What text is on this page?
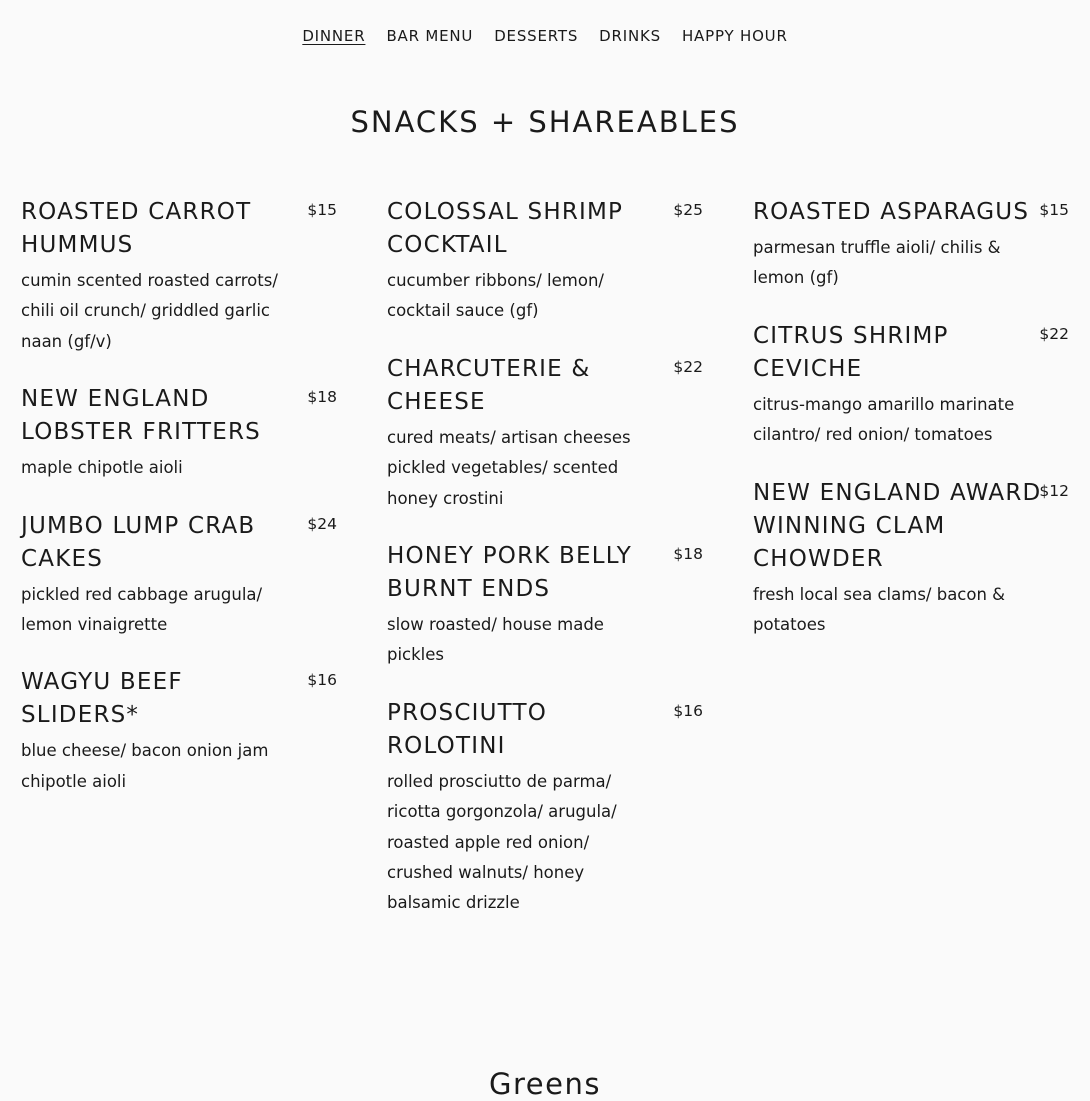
DINNER BAR MENU DESSERTS DRINKS HAPPY HOUR
SNACKS + SHAREABLES
ROASTED CARROT HUMMUS
$15
cumin scented roasted carrots/ chili oil crunch/ griddled garlic naan (gf/v)
NEW ENGLAND LOBSTER FRITTERS
$18
maple chipotle aioli
JUMBO LUMP CRAB CAKES
$24
pickled red cabbage arugula/ lemon vinaigrette
WAGYU BEEF SLIDERS*
$16
blue cheese/ bacon onion jam chipotle aioli
COLOSSAL SHRIMP COCKTAIL
$25
cucumber ribbons/ lemon/ cocktail sauce (gf)
CHARCUTERIE & CHEESE
$22
cured meats/ artisan cheeses pickled vegetables/ scented honey crostini
HONEY PORK BELLY BURNT ENDS
$18
slow roasted/ house made pickles
PROSCIUTTO ROLOTINI
$16
rolled prosciutto de parma/ ricotta gorgonzola/ arugula/ roasted apple red onion/ crushed walnuts/ honey balsamic drizzle
ROASTED ASPARAGUS $15
parmesan truffle aioli/ chilis & lemon (gf)
CITRUS SHRIMP CEVICHE
$22
citrus-mango amarillo marinate cilantro/ red onion/ tomatoes
NEW ENGLAND AWARD WINNING CLAM CHOWDER
$12
fresh local sea clams/ bacon & potatoes
Greens
